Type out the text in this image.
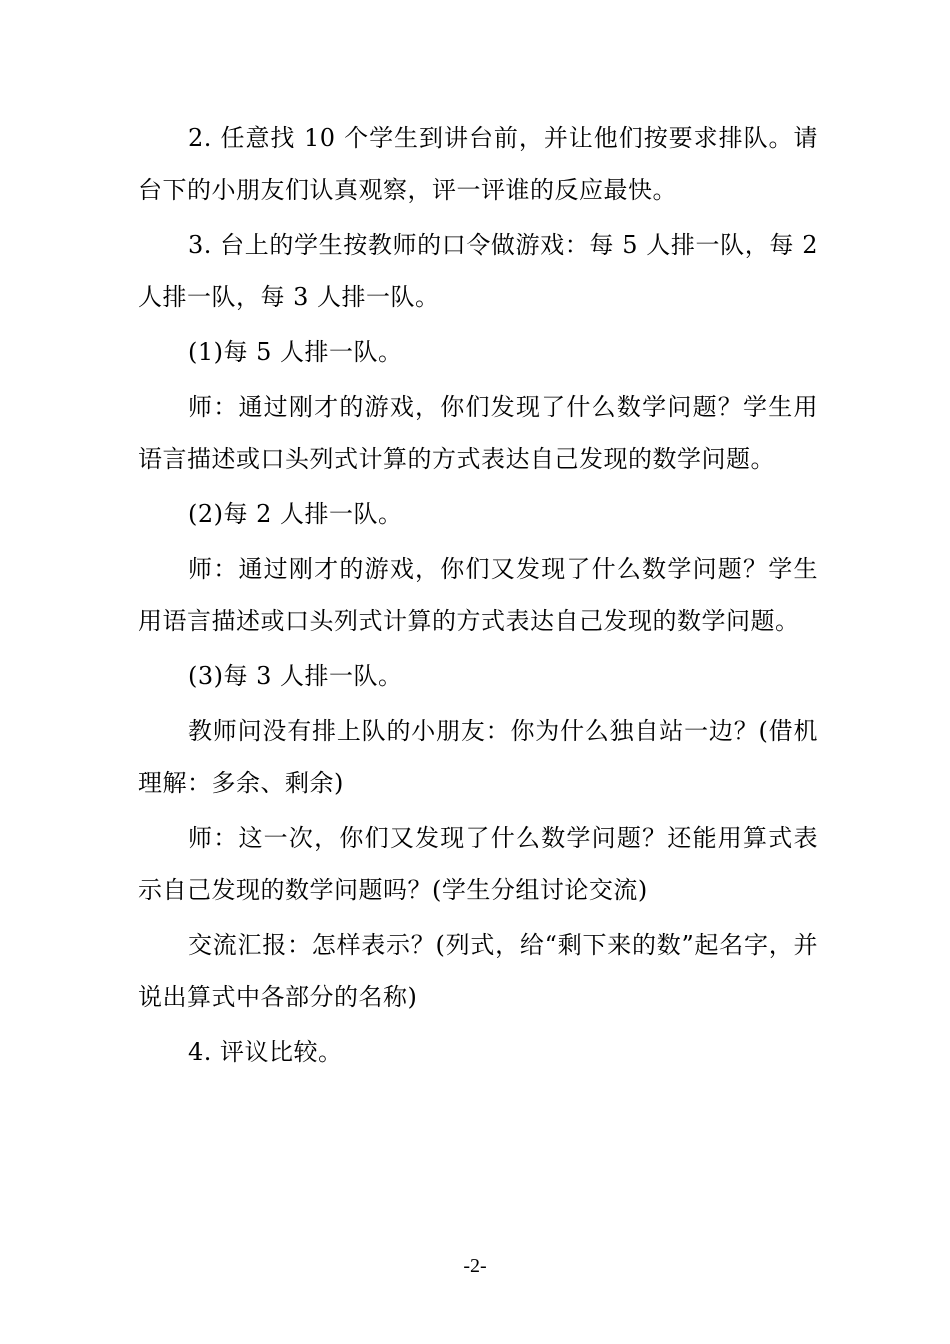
2. 任意找 10 个学生到讲台前，并让他们按要求排队。请台下的小朋友们认真观察，评一评谁的反应最快。

3. 台上的学生按教师的口令做游戏：每 5 人排一队，每 2 人排一队，每 3 人排一队。

(1)每 5 人排一队。

师：通过刚才的游戏，你们发现了什么数学问题？学生用语言描述或口头列式计算的方式表达自己发现的数学问题。

(2)每 2 人排一队。

师：通过刚才的游戏，你们又发现了什么数学问题？学生用语言描述或口头列式计算的方式表达自己发现的数学问题。

(3)每 3 人排一队。

教师问没有排上队的小朋友：你为什么独自站一边？(借机理解：多余、剩余)

师：这一次，你们又发现了什么数学问题？还能用算式表示自己发现的数学问题吗？(学生分组讨论交流)

交流汇报：怎样表示？(列式，给“剩下来的数”起名字，并说出算式中各部分的名称)

4. 评议比较。

-2-
